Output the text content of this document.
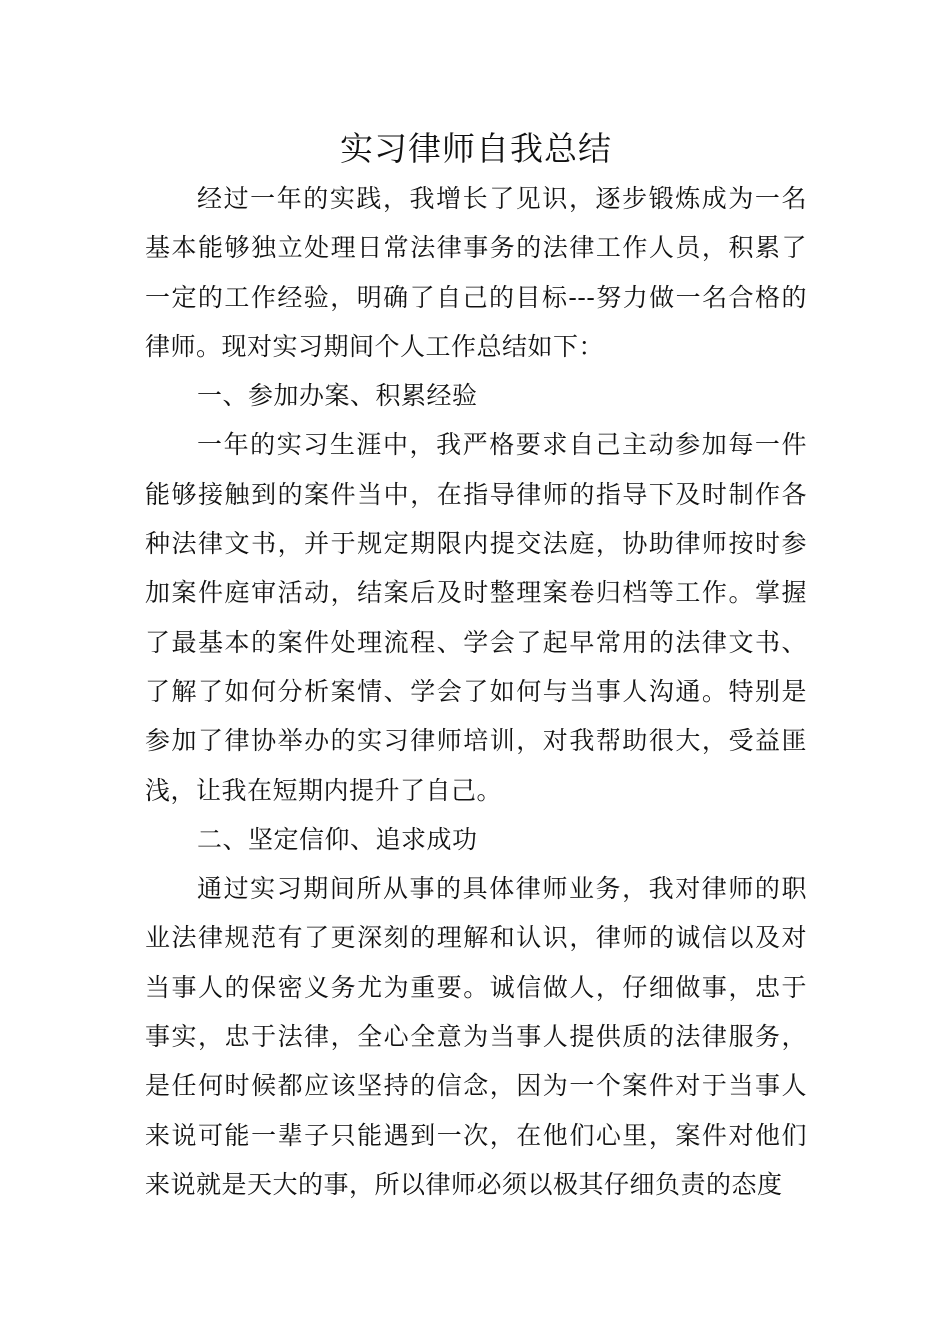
实习律师自我总结

经过一年的实践，我增长了见识，逐步锻炼成为一名基本能够独立处理日常法律事务的法律工作人员，积累了一定的工作经验，明确了自己的目标---努力做一名合格的律师。现对实习期间个人工作总结如下：

一、参加办案、积累经验

一年的实习生涯中，我严格要求自己主动参加每一件能够接触到的案件当中，在指导律师的指导下及时制作各种法律文书，并于规定期限内提交法庭，协助律师按时参加案件庭审活动，结案后及时整理案卷归档等工作。掌握了最基本的案件处理流程、学会了起早常用的法律文书、了解了如何分析案情、学会了如何与当事人沟通。特别是参加了律协举办的实习律师培训，对我帮助很大，受益匪浅，让我在短期内提升了自己。

二、坚定信仰、追求成功

通过实习期间所从事的具体律师业务，我对律师的职业法律规范有了更深刻的理解和认识，律师的诚信以及对当事人的保密义务尤为重要。诚信做人，仔细做事，忠于事实，忠于法律，全心全意为当事人提供质的法律服务，是任何时候都应该坚持的信念，因为一个案件对于当事人来说可能一辈子只能遇到一次，在他们心里，案件对他们来说就是天大的事，所以律师必须以极其仔细负责的态度
